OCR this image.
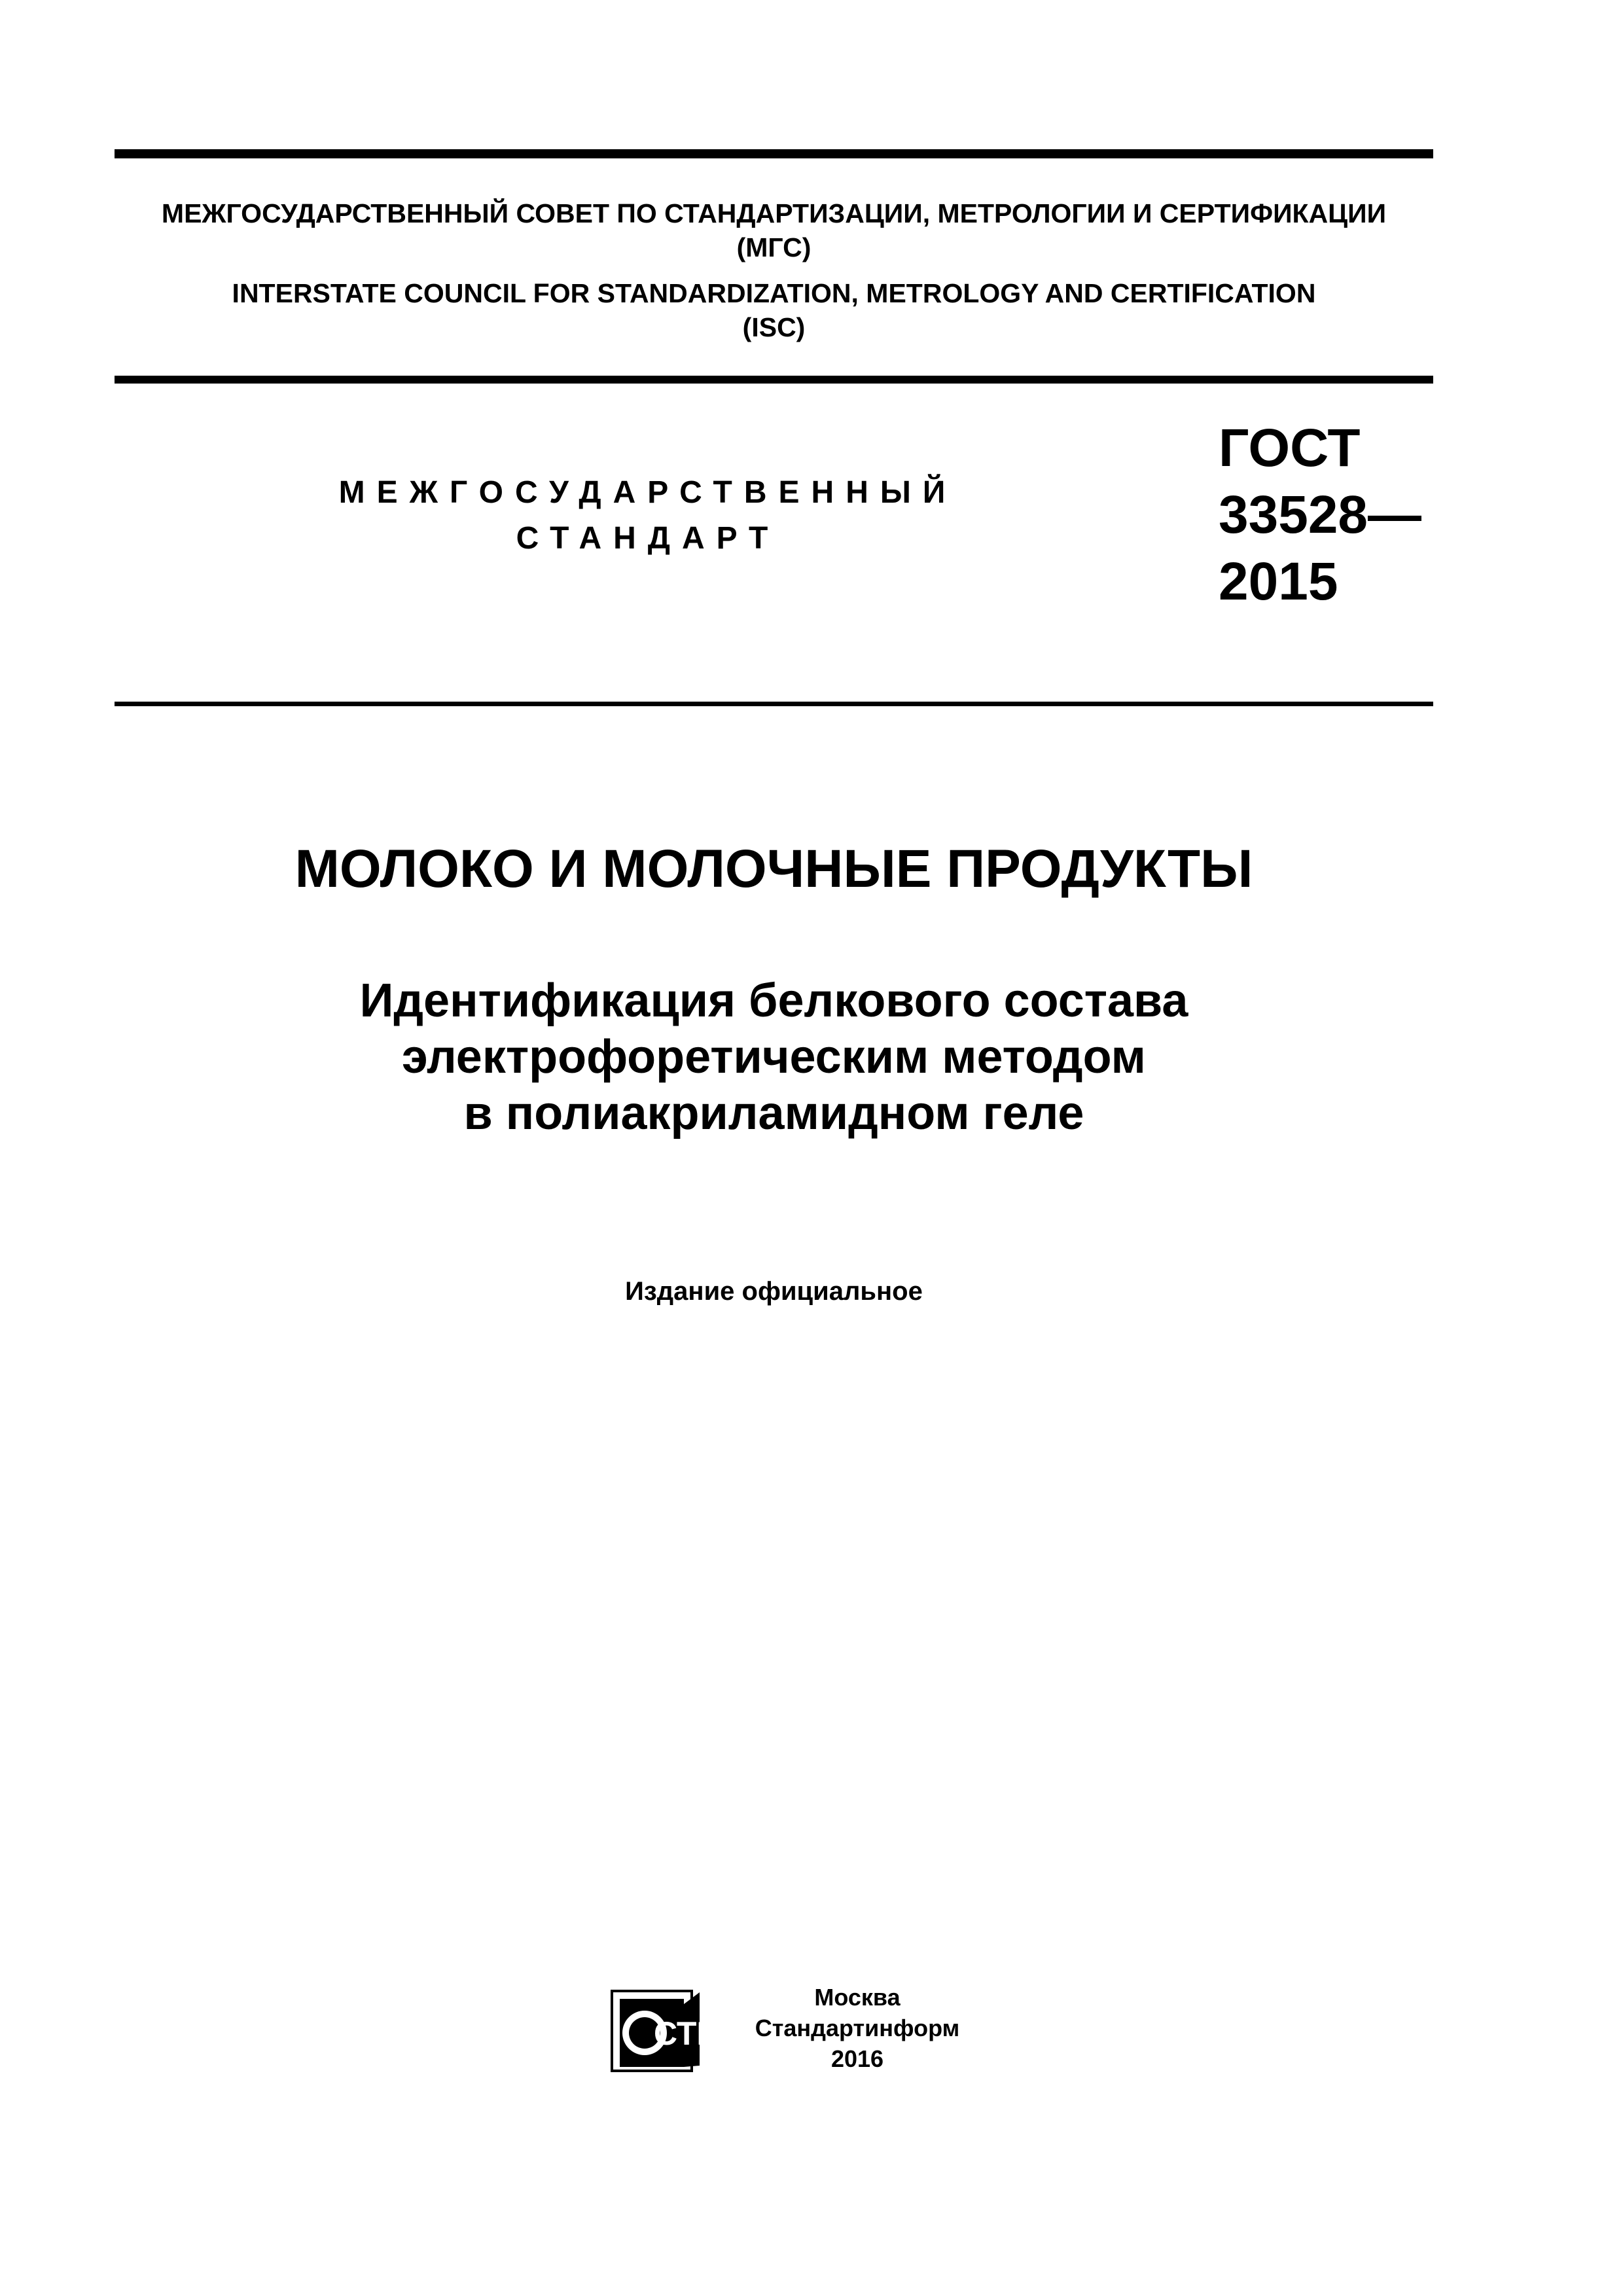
МЕЖГОСУДАРСТВЕННЫЙ СОВЕТ ПО СТАНДАРТИЗАЦИИ, МЕТРОЛОГИИ И СЕРТИФИКАЦИИ
(МГС)
INTERSTATE COUNCIL FOR STANDARDIZATION, METROLOGY AND CERTIFICATION
(ISC)
МЕЖГОСУДАРСТВЕННЫЙ
СТАНДАРТ
ГОСТ
33528—
2015
МОЛОКО И МОЛОЧНЫЕ ПРОДУКТЫ
Идентификация белкового состава
электрофоретическим методом
в полиакриламидном геле
Издание официальное
СТИ
Москва
Стандартинформ
2016
